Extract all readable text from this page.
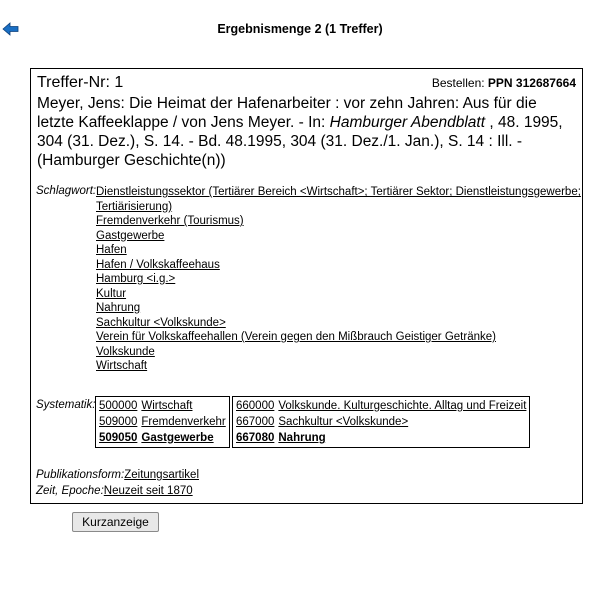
Ergebnismenge 2 (1 Treffer)
Treffer-Nr: 1	Bestellen: PPN 312687664
Meyer, Jens: Die Heimat der Hafenarbeiter : vor zehn Jahren: Aus für die letzte Kaffeeklappe / von Jens Meyer. - In: Hamburger Abendblatt , 48. 1995, 304 (31. Dez.), S. 14. - Bd. 48.1995, 304 (31. Dez./1. Jan.), S. 14 : Ill. - (Hamburger Geschichte(n))
Schlagwort: Dienstleistungssektor (Tertiärer Bereich <Wirtschaft>; Tertiärer Sektor; Dienstleistungsgewerbe; Tertiärisierung)
Fremdenverkehr (Tourismus)
Gastgewerbe
Hafen
Hafen / Volkskaffeehaus
Hamburg <i.g.>
Kultur
Nahrung
Sachkultur <Volkskunde>
Verein für Volkskaffeehallen (Verein gegen den Mißbrauch Geistiger Getränke)
Volkskunde
Wirtschaft
Systematik: 500000	Wirtschaft
509000	Fremdenverkehr
509050	Gastgewerbe
660000	Volkskunde. Kulturgeschichte. Alltag und Freizeit
667000	Sachkultur <Volkskunde>
667080	Nahrung
Publikationsform:Zeitungsartikel
Zeit, Epoche:Neuzeit seit 1870
Kurzanzeige
